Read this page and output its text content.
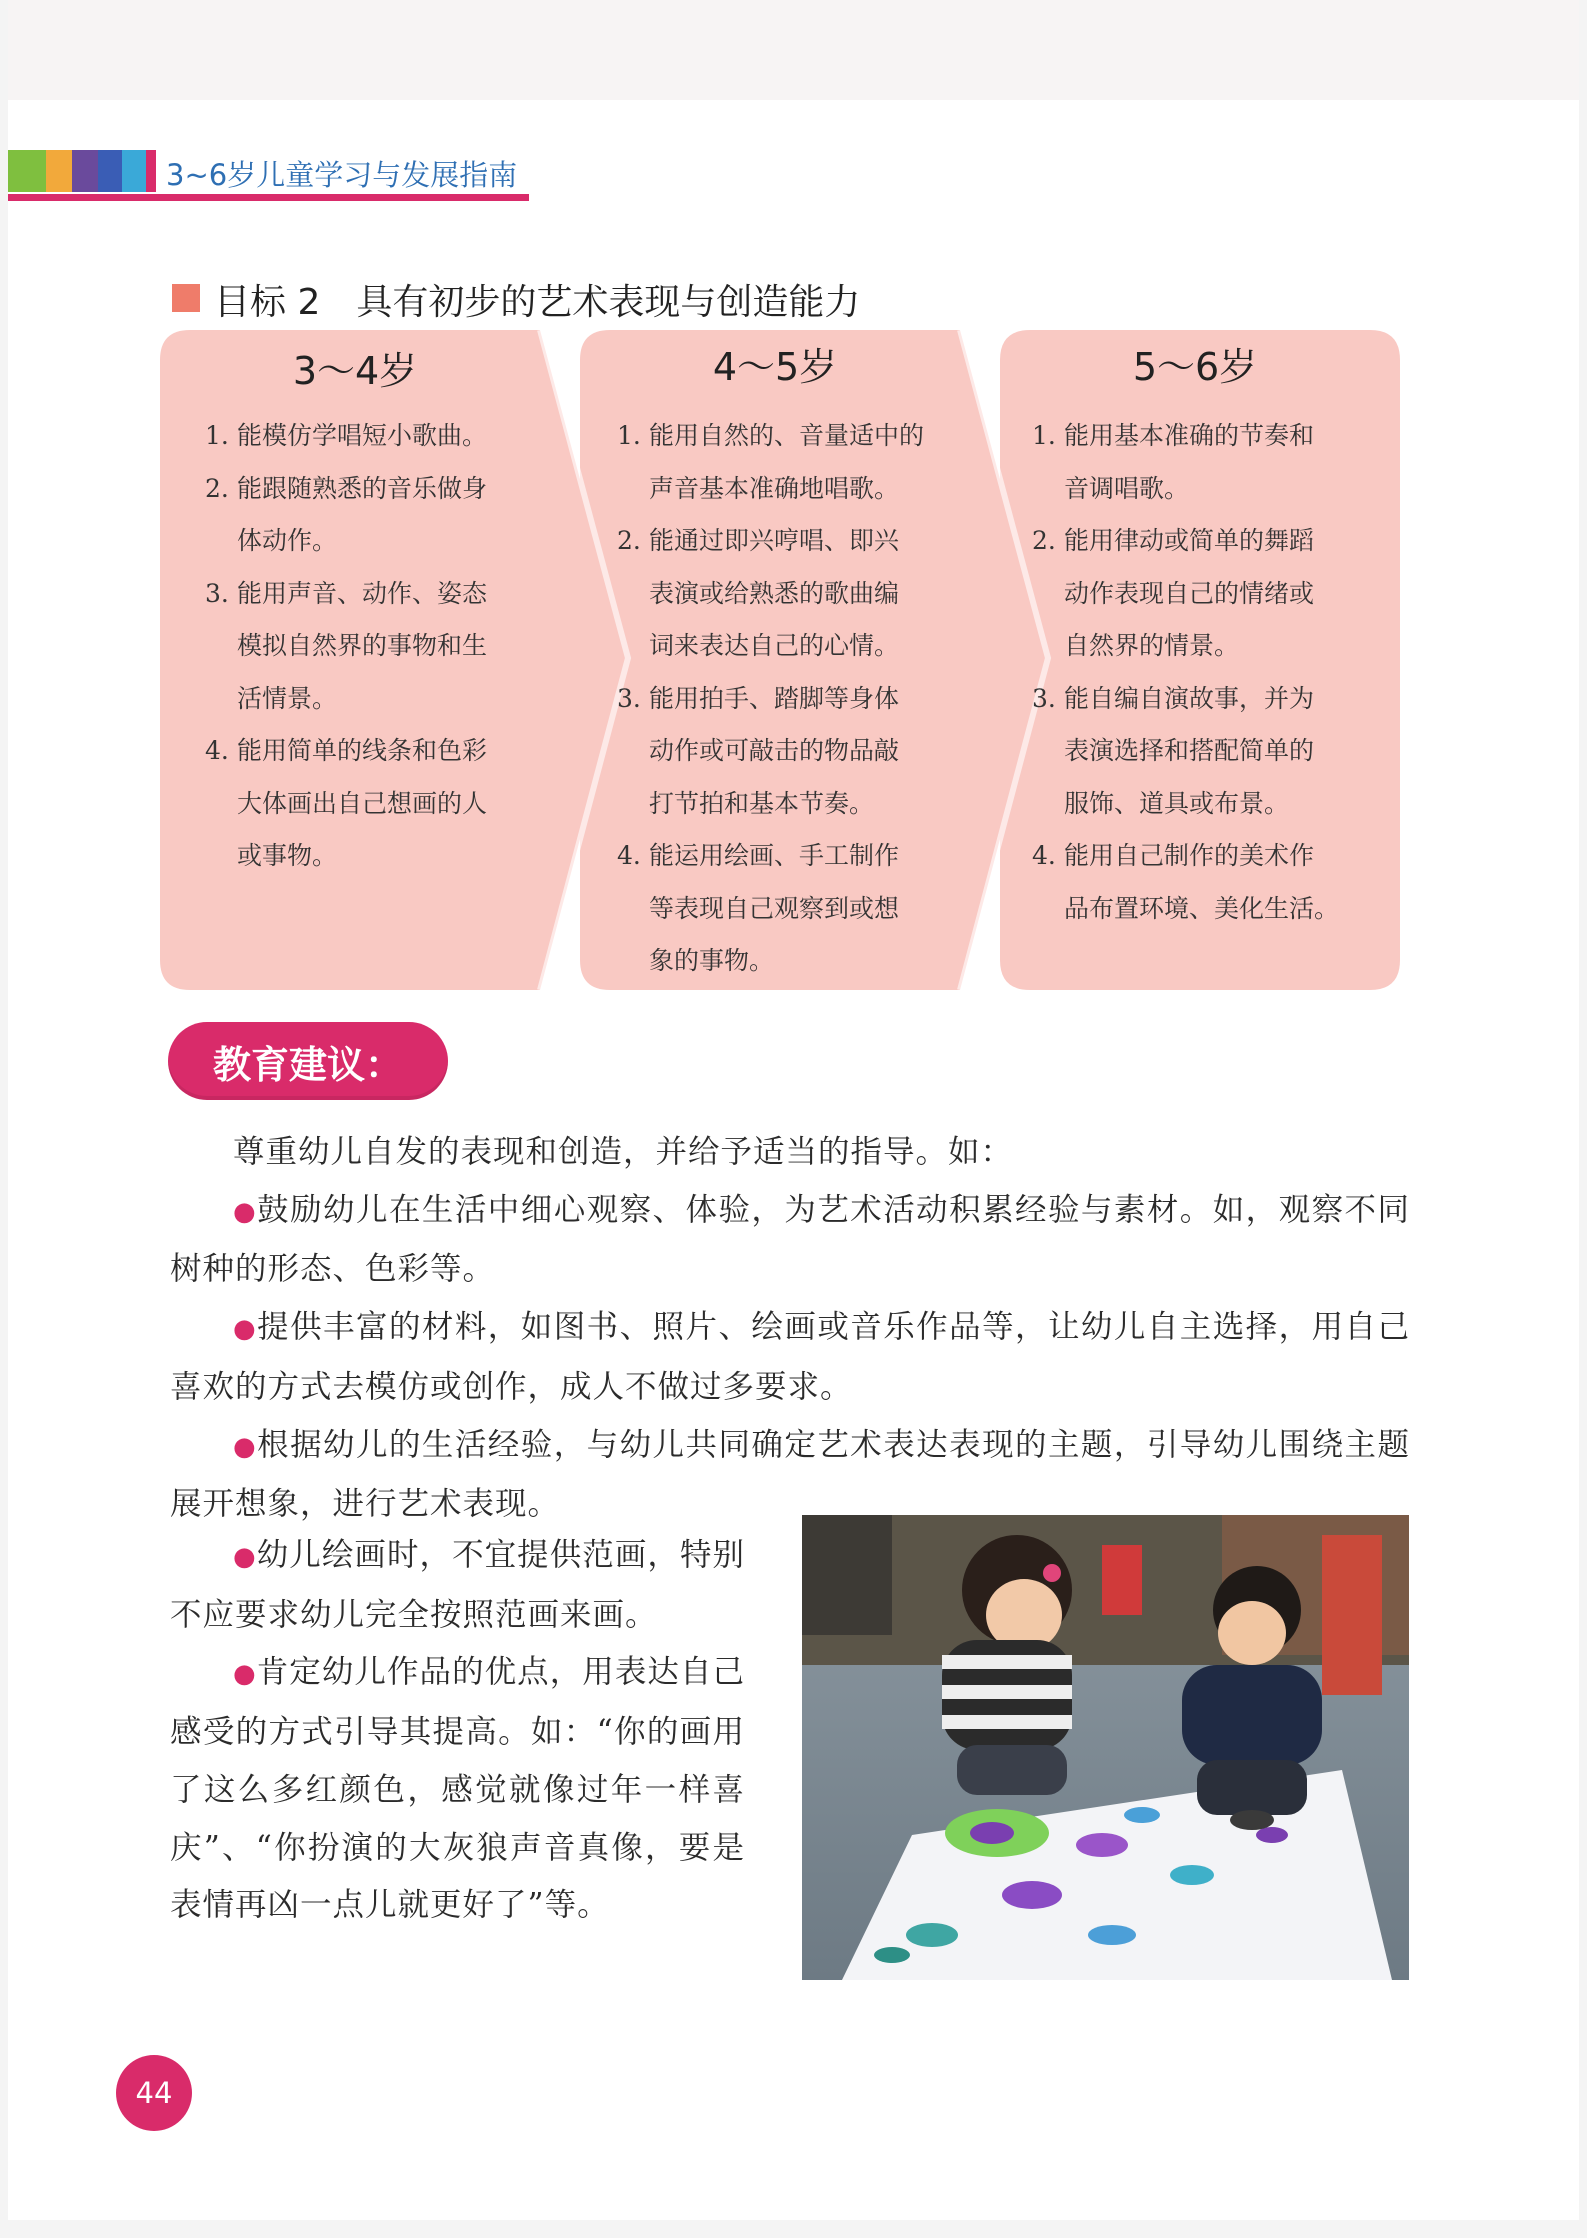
3~6岁儿童学习与发展指南
目标 2　具有初步的艺术表现与创造能力
3～4岁	4～5岁	5～6岁
1. 能模仿学唱短小歌曲。
2. 能跟随熟悉的音乐做身
体动作。
3. 能用声音、动作、姿态
模拟自然界的事物和生
活情景。
4. 能用简单的线条和色彩
大体画出自己想画的人
或事物。
1. 能用自然的、音量适中的
声音基本准确地唱歌。
2. 能通过即兴哼唱、即兴
表演或给熟悉的歌曲编
词来表达自己的心情。
3. 能用拍手、踏脚等身体
动作或可敲击的物品敲
打节拍和基本节奏。
4. 能运用绘画、手工制作
等表现自己观察到或想
象的事物。
1. 能用基本准确的节奏和
音调唱歌。
2. 能用律动或简单的舞蹈
动作表现自己的情绪或
自然界的情景。
3. 能自编自演故事，并为
表演选择和搭配简单的
服饰、道具或布景。
4. 能用自己制作的美术作
品布置环境、美化生活。
教育建议：

尊重幼儿自发的表现和创造，并给予适当的指导。如：

●鼓励幼儿在生活中细心观察、体验，为艺术活动积累经验与素材。如，观察不同树种的形态、色彩等。

●提供丰富的材料，如图书、照片、绘画或音乐作品等，让幼儿自主选择，用自己喜欢的方式去模仿或创作，成人不做过多要求。

●根据幼儿的生活经验，与幼儿共同确定艺术表达表现的主题，引导幼儿围绕主题展开想象，进行艺术表现。

●幼儿绘画时，不宜提供范画，特别不应要求幼儿完全按照范画来画。

●肯定幼儿作品的优点，用表达自己感受的方式引导其提高。如：“你的画用了这么多红颜色，感觉就像过年一样喜庆”、“你扮演的大灰狼声音真像，要是表情再凶一点儿就更好了”等。

44
